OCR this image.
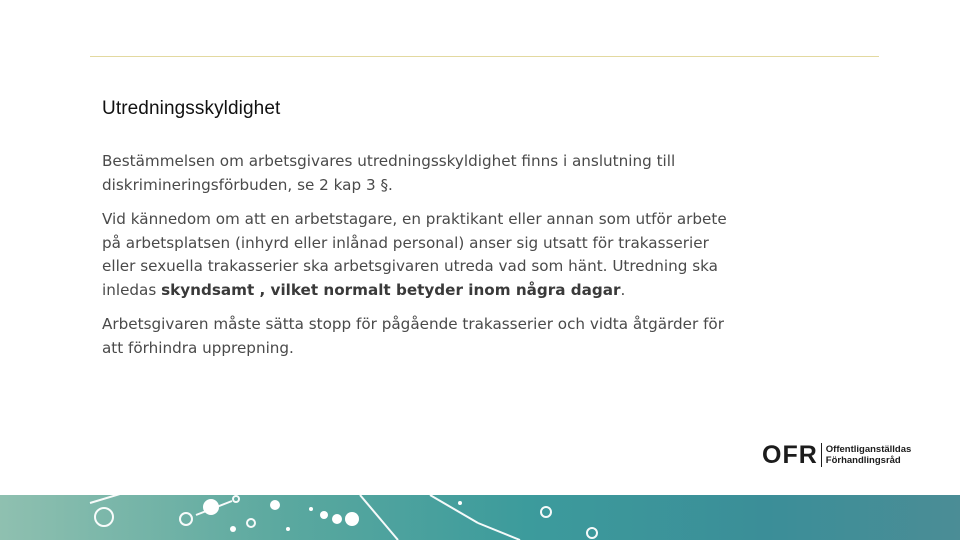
Utredningsskyldighet

Bestämmelsen om arbetsgivares utredningsskyldighet finns i anslutning till
diskrimineringsförbuden, se 2 kap 3 §.

Vid kännedom om att en arbetstagare, en praktikant eller annan som utför arbete
på arbetsplatsen (inhyrd eller inlånad personal) anser sig utsatt för trakasserier
eller sexuella trakasserier ska arbetsgivaren utreda vad som hänt. Utredning ska
inledas skyndsamt , vilket normalt betyder inom några dagar.

Arbetsgivaren måste sätta stopp för pågående trakasserier och vidta åtgärder för
att förhindra upprepning.

OFR Offentliganställdas
Förhandlingsråd
